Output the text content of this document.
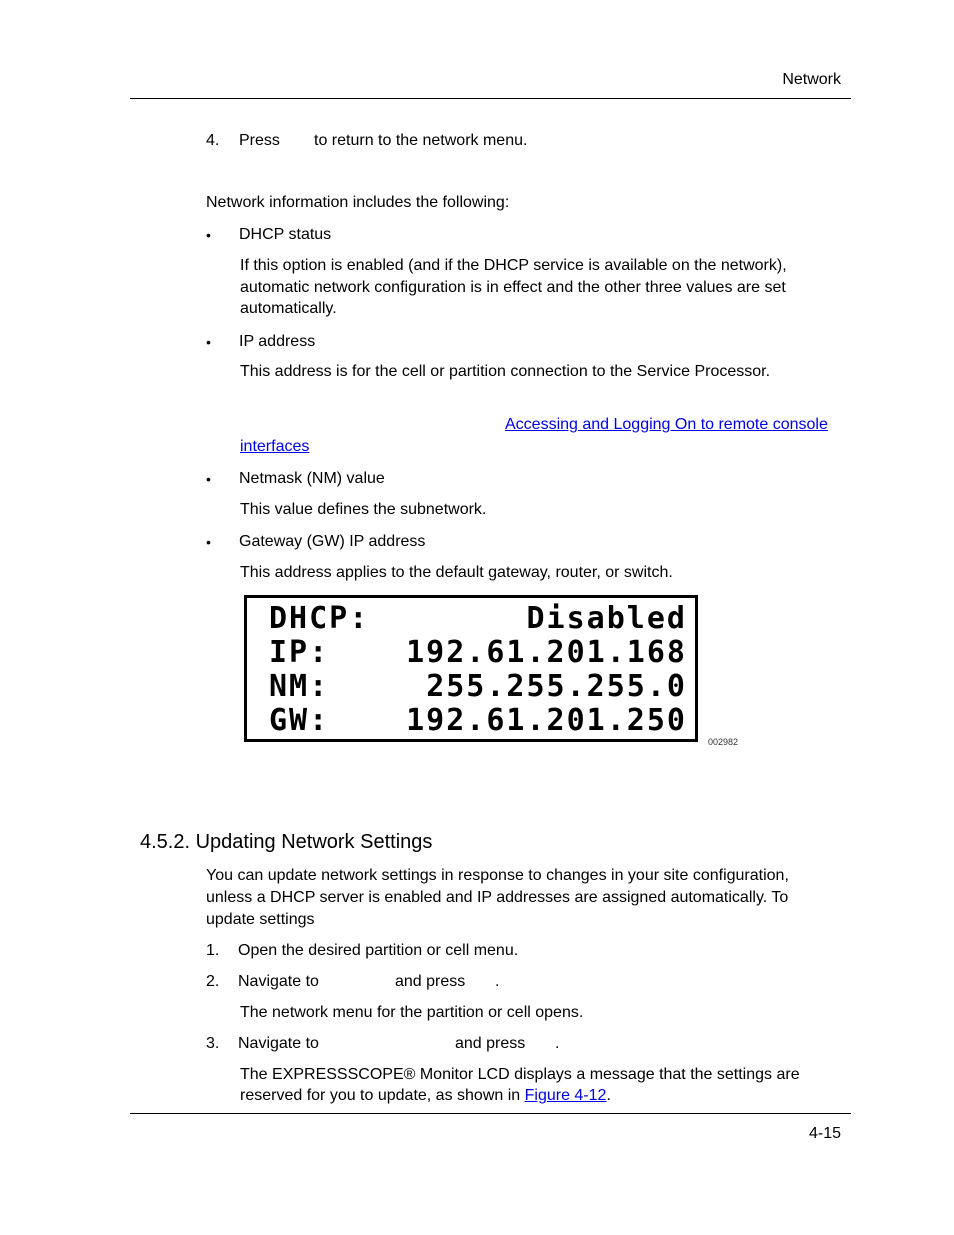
Network
4. Press to return to the network menu.
Network information includes the following:
• DHCP status
If this option is enabled (and if the DHCP service is available on the network),
automatic network configuration is in effect and the other three values are set
automatically.
• IP address
This address is for the cell or partition connection to the Service Processor.
Accessing and Logging On to remote console
interfaces
• Netmask (NM) value
This value defines the subnetwork.
• Gateway (GW) IP address
This address applies to the default gateway, router, or switch.
DHCP:	Disabled
IP:	192.61.201.168
NM:	255.255.255.0
GW:	192.61.201.250
002982
4.5.2. Updating Network Settings
You can update network settings in response to changes in your site configuration,
unless a DHCP server is enabled and IP addresses are assigned automatically. To
update settings
1. Open the desired partition or cell menu.
2. Navigate to	and press .
The network menu for the partition or cell opens.
3. Navigate to	and press .
The EXPRESSSCOPE® Monitor LCD displays a message that the settings are
reserved for you to update, as shown in Figure 4-12.
4-15
